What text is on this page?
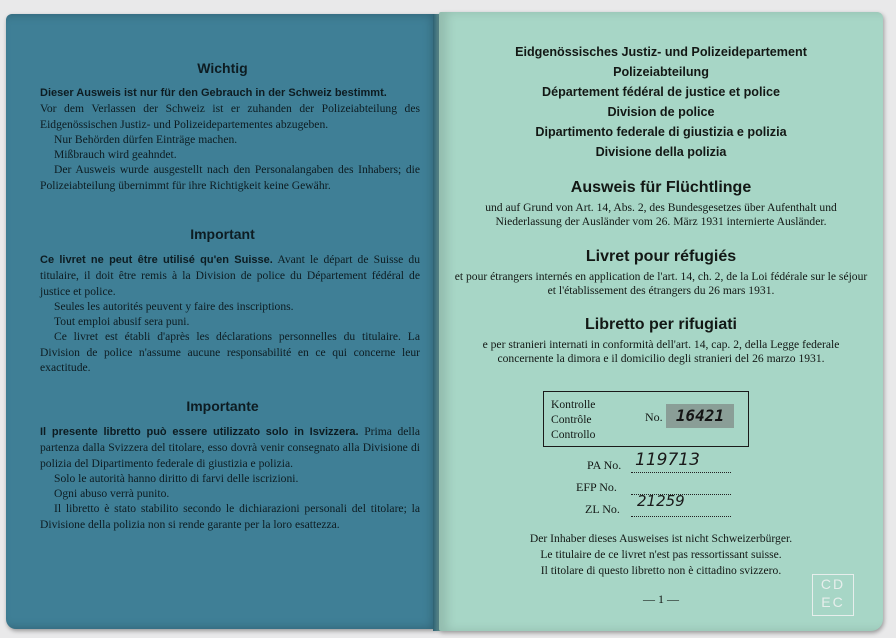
Wichtig

Dieser Ausweis ist nur für den Gebrauch in der Schweiz bestimmt.

Vor dem Verlassen der Schweiz ist er zuhanden der Polizeiabteilung des Eidgenössischen Justiz- und Polizeidepartementes abzugeben.

Nur Behörden dürfen Einträge machen.

Mißbrauch wird geahndet.

Der Ausweis wurde ausgestellt nach den Personalangaben des Inhabers; die Polizeiabteilung übernimmt für ihre Richtigkeit keine Gewähr.

Important

Ce livret ne peut être utilisé qu'en Suisse. Avant le départ de Suisse du titulaire, il doit être remis à la Division de police du Département fédéral de justice et police.

Seules les autorités peuvent y faire des inscriptions.

Tout emploi abusif sera puni.

Ce livret est établi d'après les déclarations personnelles du titulaire. La Division de police n'assume aucune responsabilité en ce qui concerne leur exactitude.

Importante

Il presente libretto può essere utilizzato solo in Isvizzera. Prima della partenza dalla Svizzera del titolare, esso dovrà venir consegnato alla Divisione di polizia del Dipartimento federale di giustizia e polizia.

Solo le autorità hanno diritto di farvi delle iscrizioni.

Ogni abuso verrà punito.

Il libretto è stato stabilito secondo le dichiarazioni personali del titolare; la Divisione della polizia non si rende garante per la loro esattezza.

Eidgenössisches Justiz- und Polizeidepartement
Polizeiabteilung
Département fédéral de justice et police
Division de police
Dipartimento federale di giustizia e polizia
Divisione della polizia
Ausweis für Flüchtlinge
und auf Grund von Art. 14, Abs. 2, des Bundesgesetzes über Aufenthalt und Niederlassung der Ausländer vom 26. März 1931 internierte Ausländer.
Livret pour réfugiés
et pour étrangers internés en application de l'art. 14, ch. 2, de la Loi fédérale sur le séjour et l'établissement des étrangers du 26 mars 1931.
Libretto per rifugiati
e per stranieri internati in conformità dell'art. 14, cap. 2, della Legge federale concernente la dimora e il domicilio degli stranieri del 26 marzo 1931.
Kontrolle
Contrôle
Controllo
No. 16421
PA No. 119713
EFP No.
ZL No. 21259
Der Inhaber dieses Ausweises ist nicht Schweizerbürger.
Le titulaire de ce livret n'est pas ressortissant suisse.
Il titolare di questo libretto non è cittadino svizzero.
— 1 —
CD
EC
